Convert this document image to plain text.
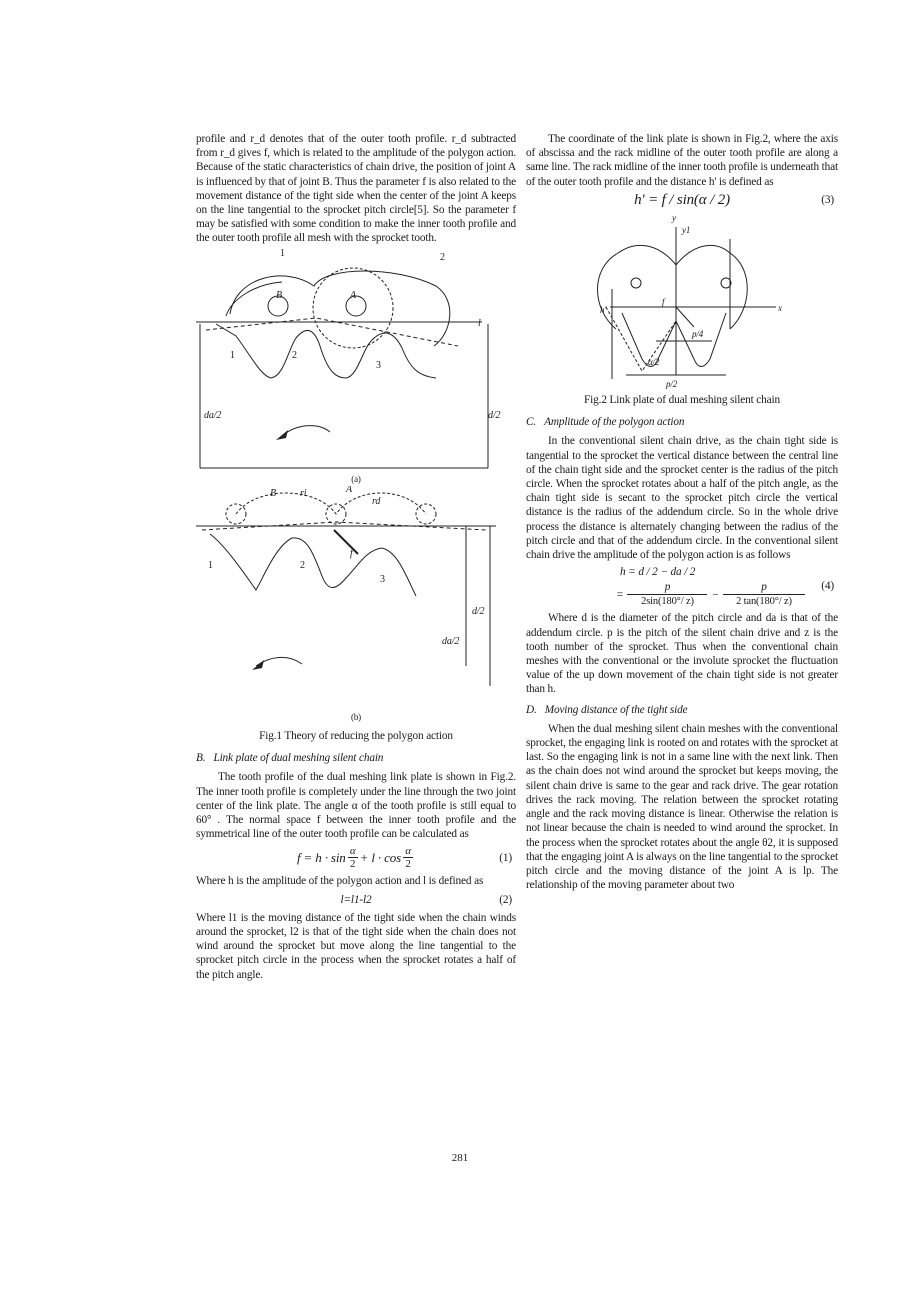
profile and r_d denotes that of the outer tooth profile. r_d subtracted from r_d gives f, which is related to the amplitude of the polygon action. Because of the static characteristics of chain drive, the position of joint A is influenced by that of joint B. Thus the parameter f is also related to the movement distance of the tight side when the center of the joint A keeps on the line tangential to the sprocket pitch circle[5]. So the parameter f may be satisfied with some condition to make the inner tooth profile and the outer tooth profile all mesh with the sprocket tooth.

1	2
B	A
1	2
3
l
da/2	d/2
(a)
B ri	A
rd
1	2
3
f
d/2
da/2
(b)

Fig.1 Theory of reducing the polygon action

B. Link plate of dual meshing silent chain

The tooth profile of the dual meshing link plate is shown in Fig.2. The inner tooth profile is completely under the line through the two joint center of the link plate. The angle α of the tooth profile is still equal to 60° . The normal space f between the inner tooth profile and the symmetrical line of the outer tooth profile can be calculated as

f = h · sin α
2 + l · cos α
2
(1)

Where h is the amplitude of the polygon action and l is defined as

l=l1-l2	(2)

Where l1 is the moving distance of the tight side when the chain winds around the sprocket, l2 is that of the tight side when the chain does not wind around the sprocket but move along the line tangential to the sprocket pitch circle in the process when the sprocket rotates a half of the pitch angle.

The coordinate of the link plate is shown in Fig.2, where the axis of abscissa and the rack midline of the outer tooth profile are along a same line. The rack midline of the inner tooth profile is underneath that of the outer tooth profile and the distance h' is defined as

h' = f / sin(α / 2)	(3)
y
y1
h'
f
x
p/4
p/2
α/2

Fig.2 Link plate of dual meshing silent chain

C. Amplitude of the polygon action

In the conventional silent chain drive, as the chain tight side is tangential to the sprocket the vertical distance between the central line of the chain tight side and the sprocket center is the radius of the pitch circle. When the sprocket rotates about a half of the pitch angle, as the chain tight side is secant to the sprocket pitch circle the vertical distance is the radius of the addendum circle. So in the whole drive process the distance is alternately changing between the radius of the pitch circle and that of the addendum circle. In the conventional silent chain drive the amplitude of the polygon action is as follows

h = d / 2 − da / 2
=
p
2sin(180°/ z)
−
p
2 tan(180°/ z)
(4)

Where d is the diameter of the pitch circle and da is that of the addendum circle. p is the pitch of the silent chain drive and z is the tooth number of the sprocket. Thus when the conventional chain meshes with the conventional or the involute sprocket the fluctuation value of the up down movement of the chain tight side is not greater than h.

D. Moving distance of the tight side

When the dual meshing silent chain meshes with the conventional sprocket, the engaging link is rooted on and rotates with the sprocket at last. So the engaging link is not in a same line with the next link. Then as the chain does not wind around the sprocket but keeps moving, the silent chain drive is same to the gear and rack drive. The gear rotation drives the rack moving. The relation between the sprocket rotating angle and the rack moving distance is linear. Otherwise the relation is not linear because the chain is needed to wind around the sprocket. In the process when the sprocket rotates about the angle θ2, it is supposed that the engaging joint A is always on the line tangential to the sprocket pitch circle and the moving distance of the joint A is lp. The relationship of the moving parameter about two

281
